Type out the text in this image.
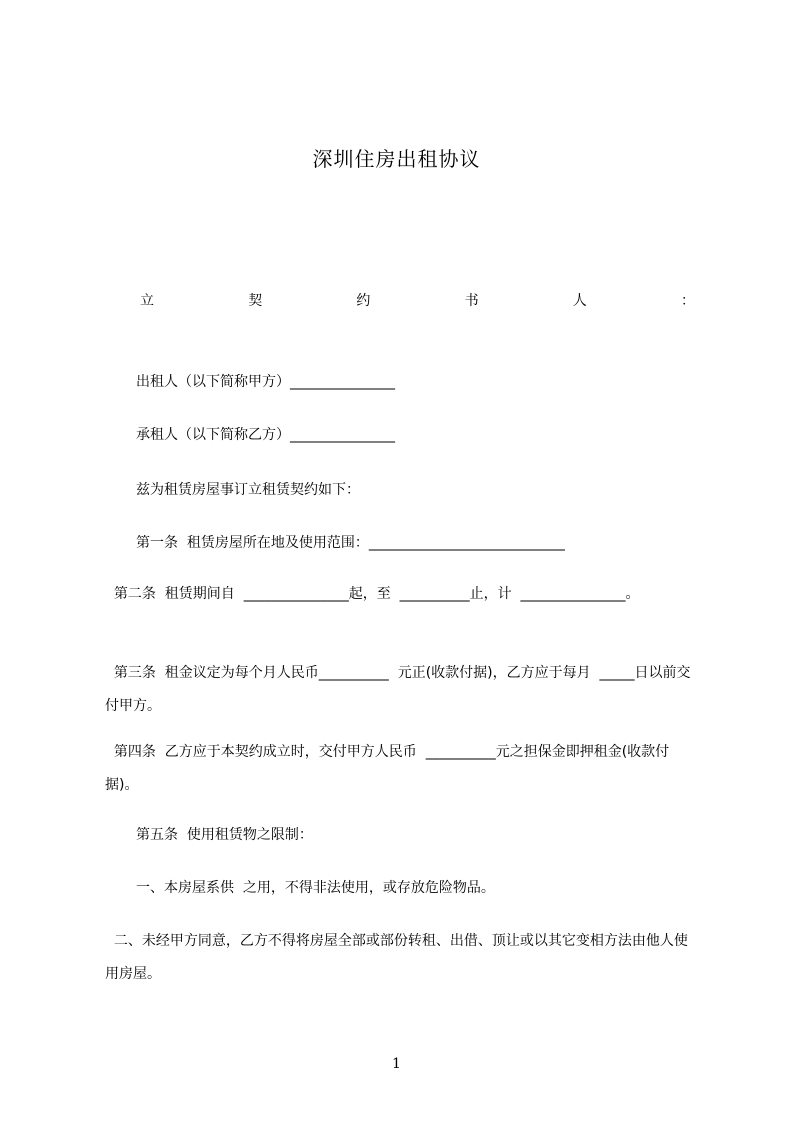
深圳住房出租协议
立	契	约	书	人	：
出租人（以下简称甲方）_______________
承租人（以下简称乙方）_______________
兹为租赁房屋事订立租赁契约如下：
第一条  租赁房屋所在地及使用范围：____________________________
第二条  租赁期间自  _______________起，至  __________止，计  _______________。
第三条  租金议定为每个月人民币__________  元正(收款付据)，乙方应于每月  _____日以前交付甲方。
第四条  乙方应于本契约成立时，交付甲方人民币  __________元之担保金即押租金(收款付据)。
第五条  使用租赁物之限制：
一、本房屋系供  之用，不得非法使用，或存放危险物品。
二、未经甲方同意，乙方不得将房屋全部或部份转租、出借、顶让或以其它变相方法由他人使用房屋。
1
